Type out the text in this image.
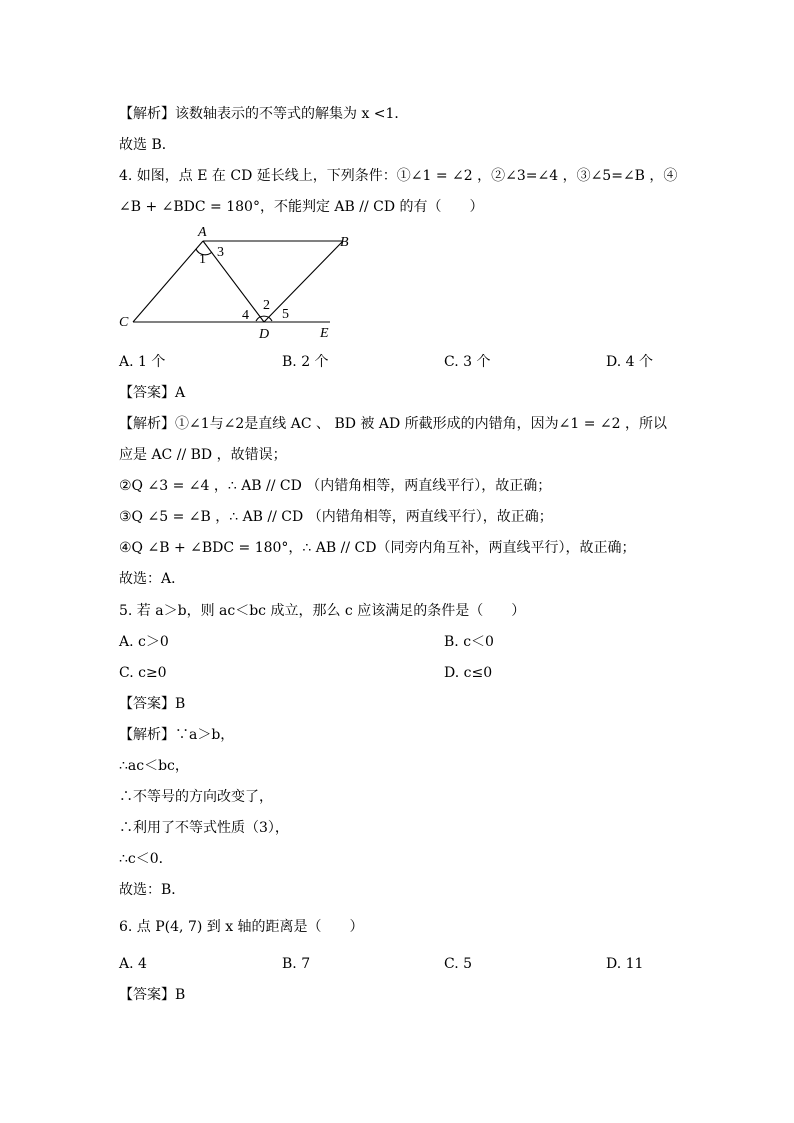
【解析】该数轴表示的不等式的解集为 x <1．
故选 B．
4. 如图，点 E 在 CD 延长线上，下列条件：①∠1 = ∠2 ，②∠3=∠4 ，③∠5=∠B ，④
∠B + ∠BDC = 180°，不能判定 AB // CD 的有（　　）
A
B
C
D	E
1 3
2
4 5
A. 1 个	B. 2 个	C. 3 个	D. 4 个
【答案】A
【解析】①∠1与∠2是直线 AC 、 BD 被 AD 所截形成的内错角，因为∠1 = ∠2 ，所以
应是 AC // BD ，故错误；
②Q ∠3 = ∠4 ，∴ AB // CD （内错角相等，两直线平行），故正确；
③Q ∠5 = ∠B ，∴ AB // CD （内错角相等，两直线平行），故正确；
④Q ∠B + ∠BDC = 180°，∴ AB // CD（同旁内角互补，两直线平行），故正确；
故选：A．
5. 若 a＞b，则 ac＜bc 成立，那么 c 应该满足的条件是（　　）
A. c＞0	B. c＜0
C. c≥0	D. c≤0
【答案】B
【解析】∵a＞b，
∴ac＜bc，
∴不等号的方向改变了，
∴利用了不等式性质（3），
∴c＜0．
故选：B．
6. 点 P(4, 7) 到 x 轴的距离是（　　）
A. 4	B. 7	C. 5	D. 11
【答案】B
